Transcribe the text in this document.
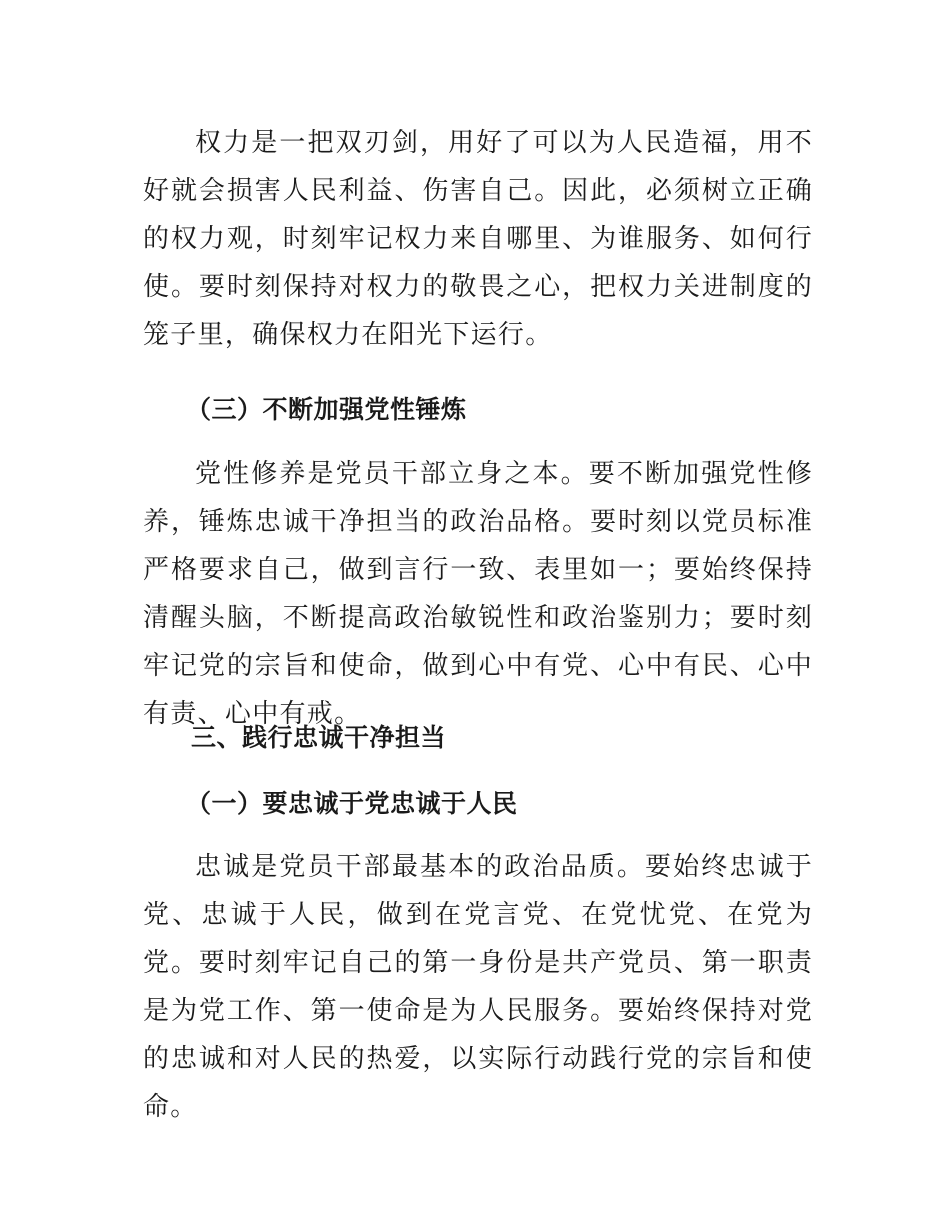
权力是一把双刃剑，用好了可以为人民造福，用不好就会损害人民利益、伤害自己。因此，必须树立正确的权力观，时刻牢记权力来自哪里、为谁服务、如何行使。要时刻保持对权力的敬畏之心，把权力关进制度的笼子里，确保权力在阳光下运行。

（三）不断加强党性锤炼

党性修养是党员干部立身之本。要不断加强党性修养，锤炼忠诚干净担当的政治品格。要时刻以党员标准严格要求自己，做到言行一致、表里如一；要始终保持清醒头脑，不断提高政治敏锐性和政治鉴别力；要时刻牢记党的宗旨和使命，做到心中有党、心中有民、心中有责、心中有戒。

三、践行忠诚干净担当
（一）要忠诚于党忠诚于人民

忠诚是党员干部最基本的政治品质。要始终忠诚于党、忠诚于人民，做到在党言党、在党忧党、在党为党。要时刻牢记自己的第一身份是共产党员、第一职责是为党工作、第一使命是为人民服务。要始终保持对党的忠诚和对人民的热爱，以实际行动践行党的宗旨和使命。
